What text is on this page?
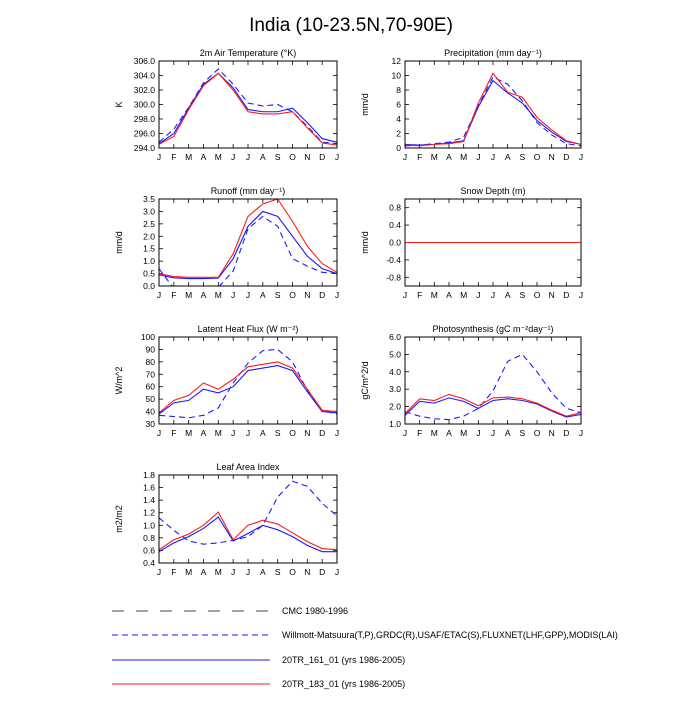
India (10-23.5N,70-90E)
2m Air Temperature (°K)
K
294.0
296.0
298.0
300.0
302.0
304.0
306.0
J F M A M J J A S O N D J
Precipitation (mm day⁻¹)
mm/d
0
2
4
6
8
10
12
J F M A M J J A S O N D J
Runoff (mm day⁻¹)
mm/d
0.0
0.5
1.0
1.5
2.0
2.5
3.0
3.5
J F M A M J J A S O N D J
Snow Depth (m)
mm/d
-0.8
-0.4
0.0
0.4
0.8
J F M A M J J A S O N D J
Latent Heat Flux (W m⁻²)
W/m^2
30
40
50
60
70
80
90
100
J F M A M J J A S O N D J
Photosynthesis (gC m⁻²day⁻¹)
gC/m^2/d
1.0
2.0
3.0
4.0
5.0
6.0
J F M A M J J A S O N D J
Leaf Area Index
m2/m2
0.4
0.6
0.8
1.0
1.2
1.4
1.6
1.8
J F M A M J J A S O N D J
CMC 1980-1996
Willmott-Matsuura(T,P),GRDC(R),USAF/ETAC(S),FLUXNET(LHF,GPP),MODIS(LAI)
20TR_161_01 (yrs 1986-2005)
20TR_183_01 (yrs 1986-2005)
